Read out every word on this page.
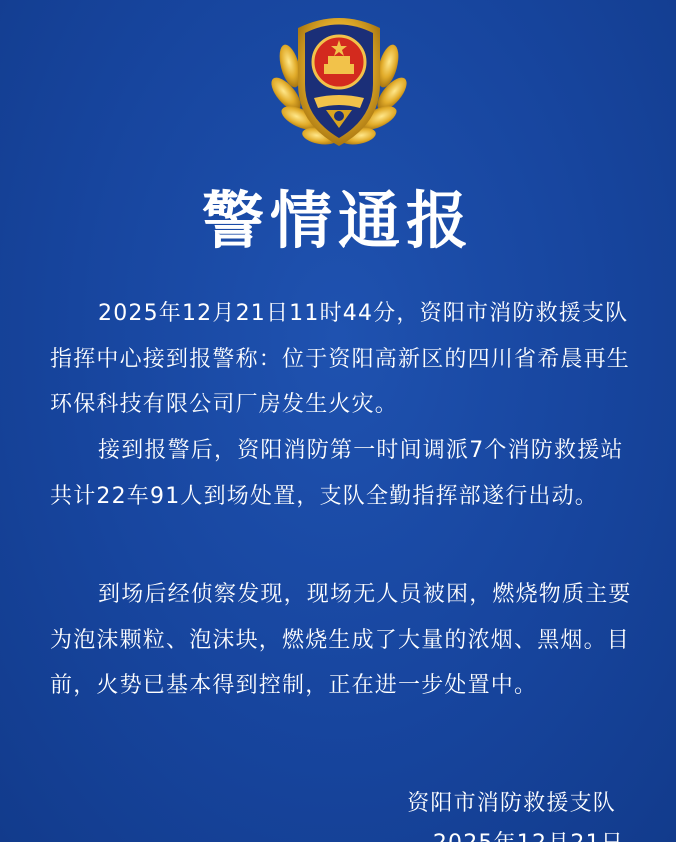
警情通报

2025年12月21日11时44分，资阳市消防救援支队指挥中心接到报警称：位于资阳高新区的四川省希晨再生环保科技有限公司厂房发生火灾。

接到报警后，资阳消防第一时间调派7个消防救援站共计22车91人到场处置，支队全勤指挥部遂行出动。

到场后经侦察发现，现场无人员被困，燃烧物质主要为泡沫颗粒、泡沫块，燃烧生成了大量的浓烟、黑烟。目前，火势已基本得到控制，正在进一步处置中。

资阳市消防救援支队
2025年12月21日
